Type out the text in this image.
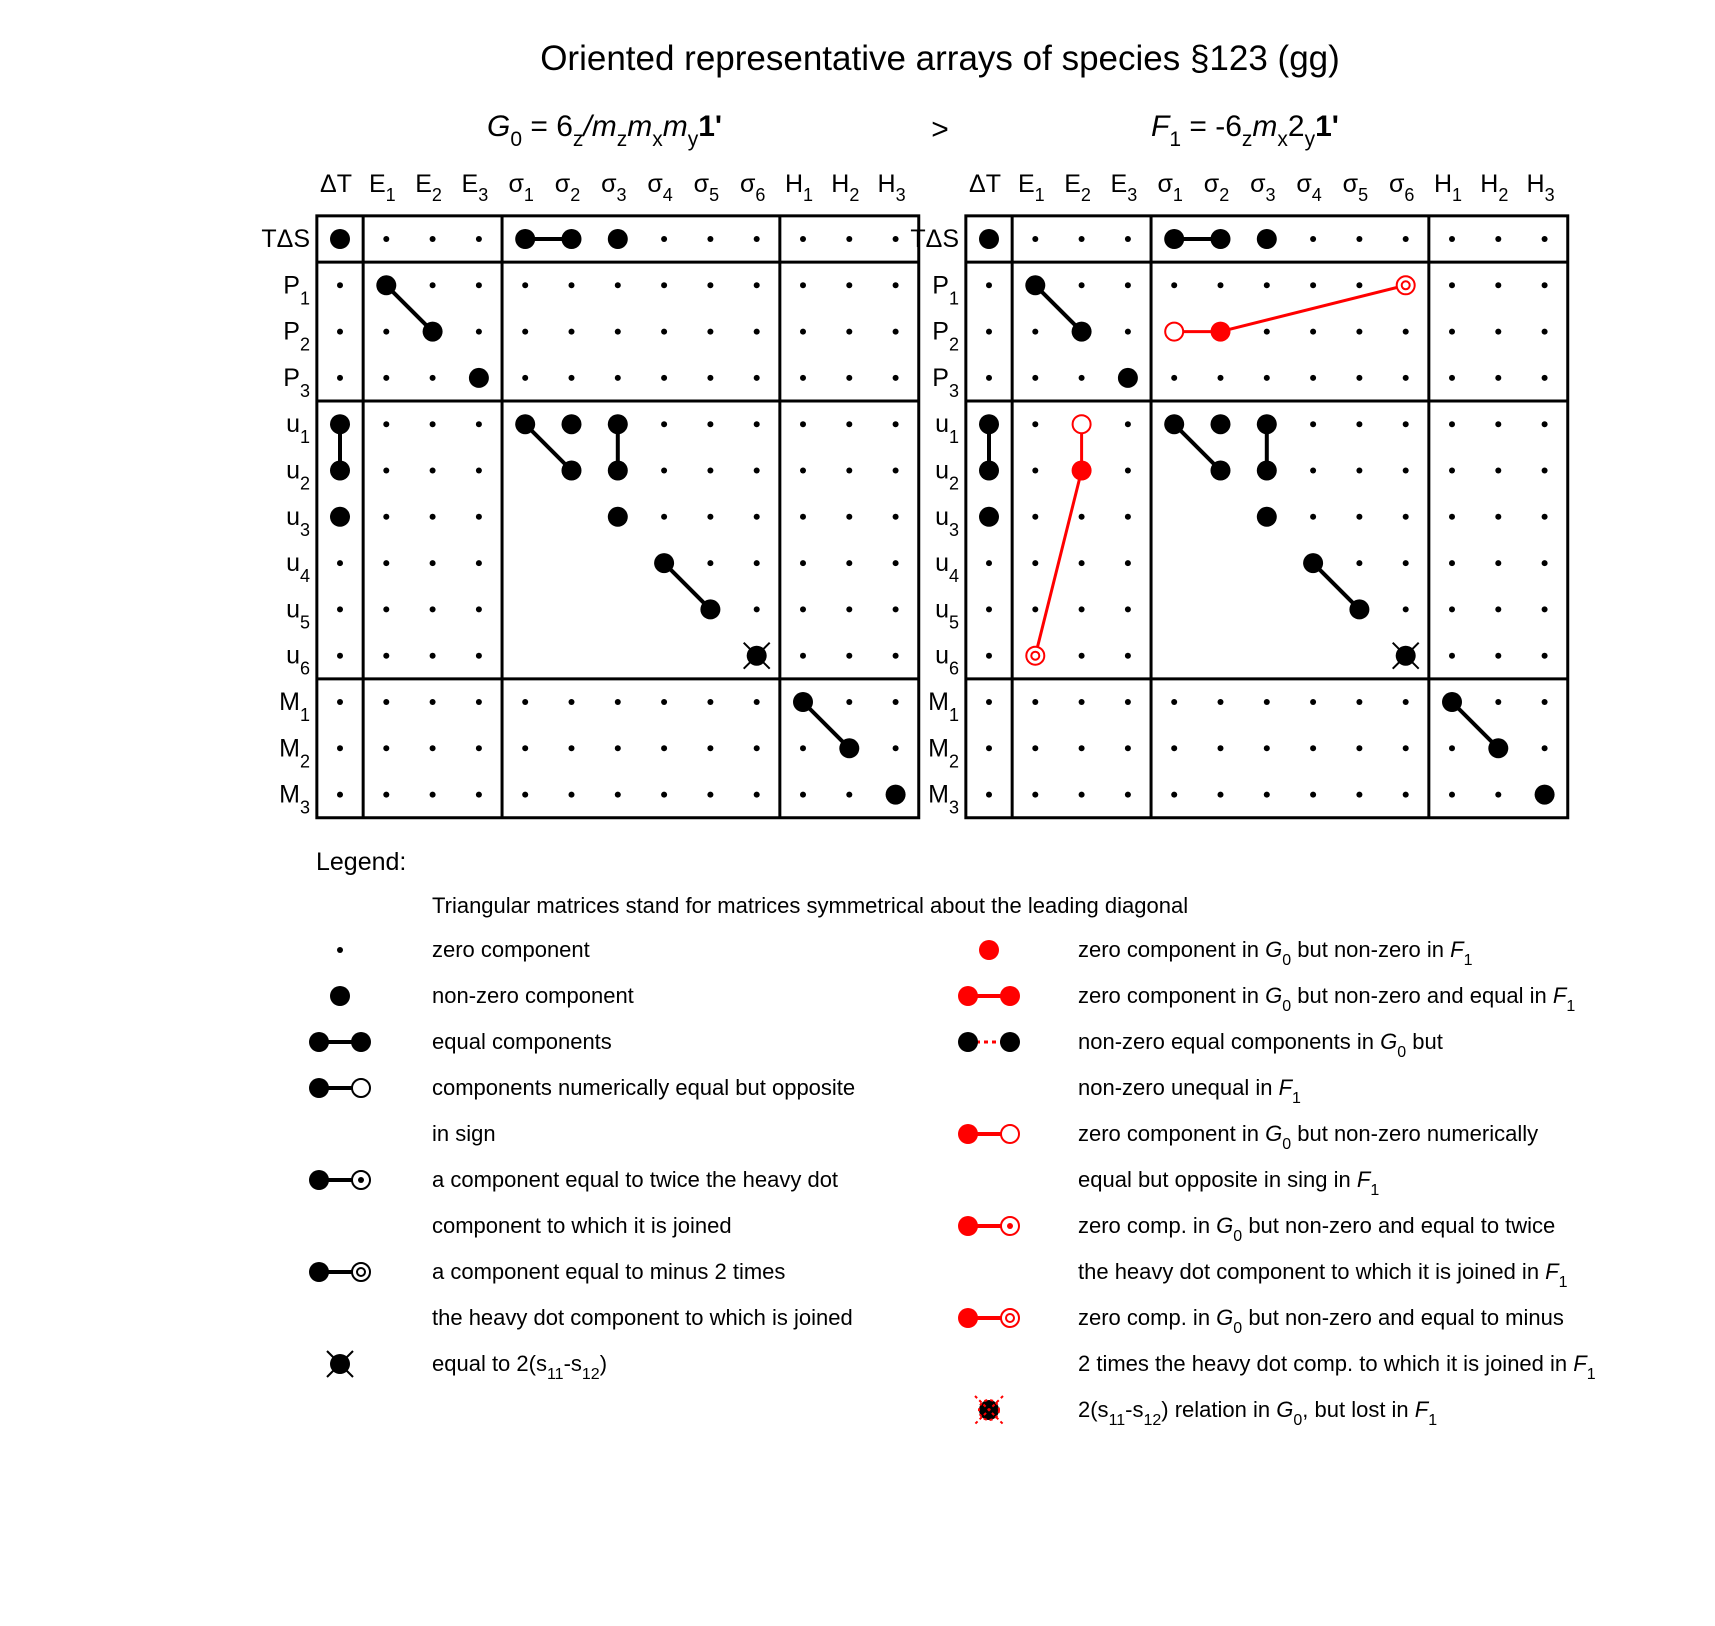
Oriented representative arrays of species §123 (gg)
>
$G_0 = 6_z/m_zm_xm_y1'$	$F_1 = -6_zm_x2_y1'$
ΔT $E_1$ $E_2$ $E_3$ $\sigma_1$ $\sigma_2$ $\sigma_3$ $\sigma_4$ $\sigma_5$ $\sigma_6$ $H_1$ $H_2$ $H_3$
TΔS
$P_1$
$P_2$
$P_3$
$u_1$
$u_2$
$u_3$
$u_4$
$u_5$
$u_6$
$M_1$
$M_2$
$M_3$
ΔT $E_1$ $E_2$ $E_3$ $\sigma_1$ $\sigma_2$ $\sigma_3$ $\sigma_4$ $\sigma_5$ $\sigma_6$ $H_1$ $H_2$ $H_3$
TΔS
$P_1$
$P_2$
$P_3$
$u_1$
$u_2$
$u_3$
$u_4$
$u_5$
$u_6$
$M_1$
$M_2$
$M_3$
Legend:
Triangular matrices stand for matrices symmetrical about the leading diagonal
zero component
non-zero component
equal components
components numerically equal but opposite
in sign
a component equal to twice the heavy dot
component to which it is joined
a component equal to minus 2 times
the heavy dot component to which is joined
equal to $2(s_{11}-s_{12})$
zero component in $G_0$ but non-zero in $F_1$
zero component in $G_0$ but non-zero and equal in $F_1$
non-zero equal components in $G_0$ but
non-zero unequal in $F_1$
zero component in $G_0$ but non-zero numerically
equal but opposite in sing in $F_1$
zero comp. in $G_0$ but non-zero and equal to twice
the heavy dot component to which it is joined in $F_1$
zero comp. in $G_0$ but non-zero and equal to minus
2 times the heavy dot comp. to which it is joined in $F_1$
$2(s_{11}-s_{12})$ relation in $G_0$, but lost in $F_1$
